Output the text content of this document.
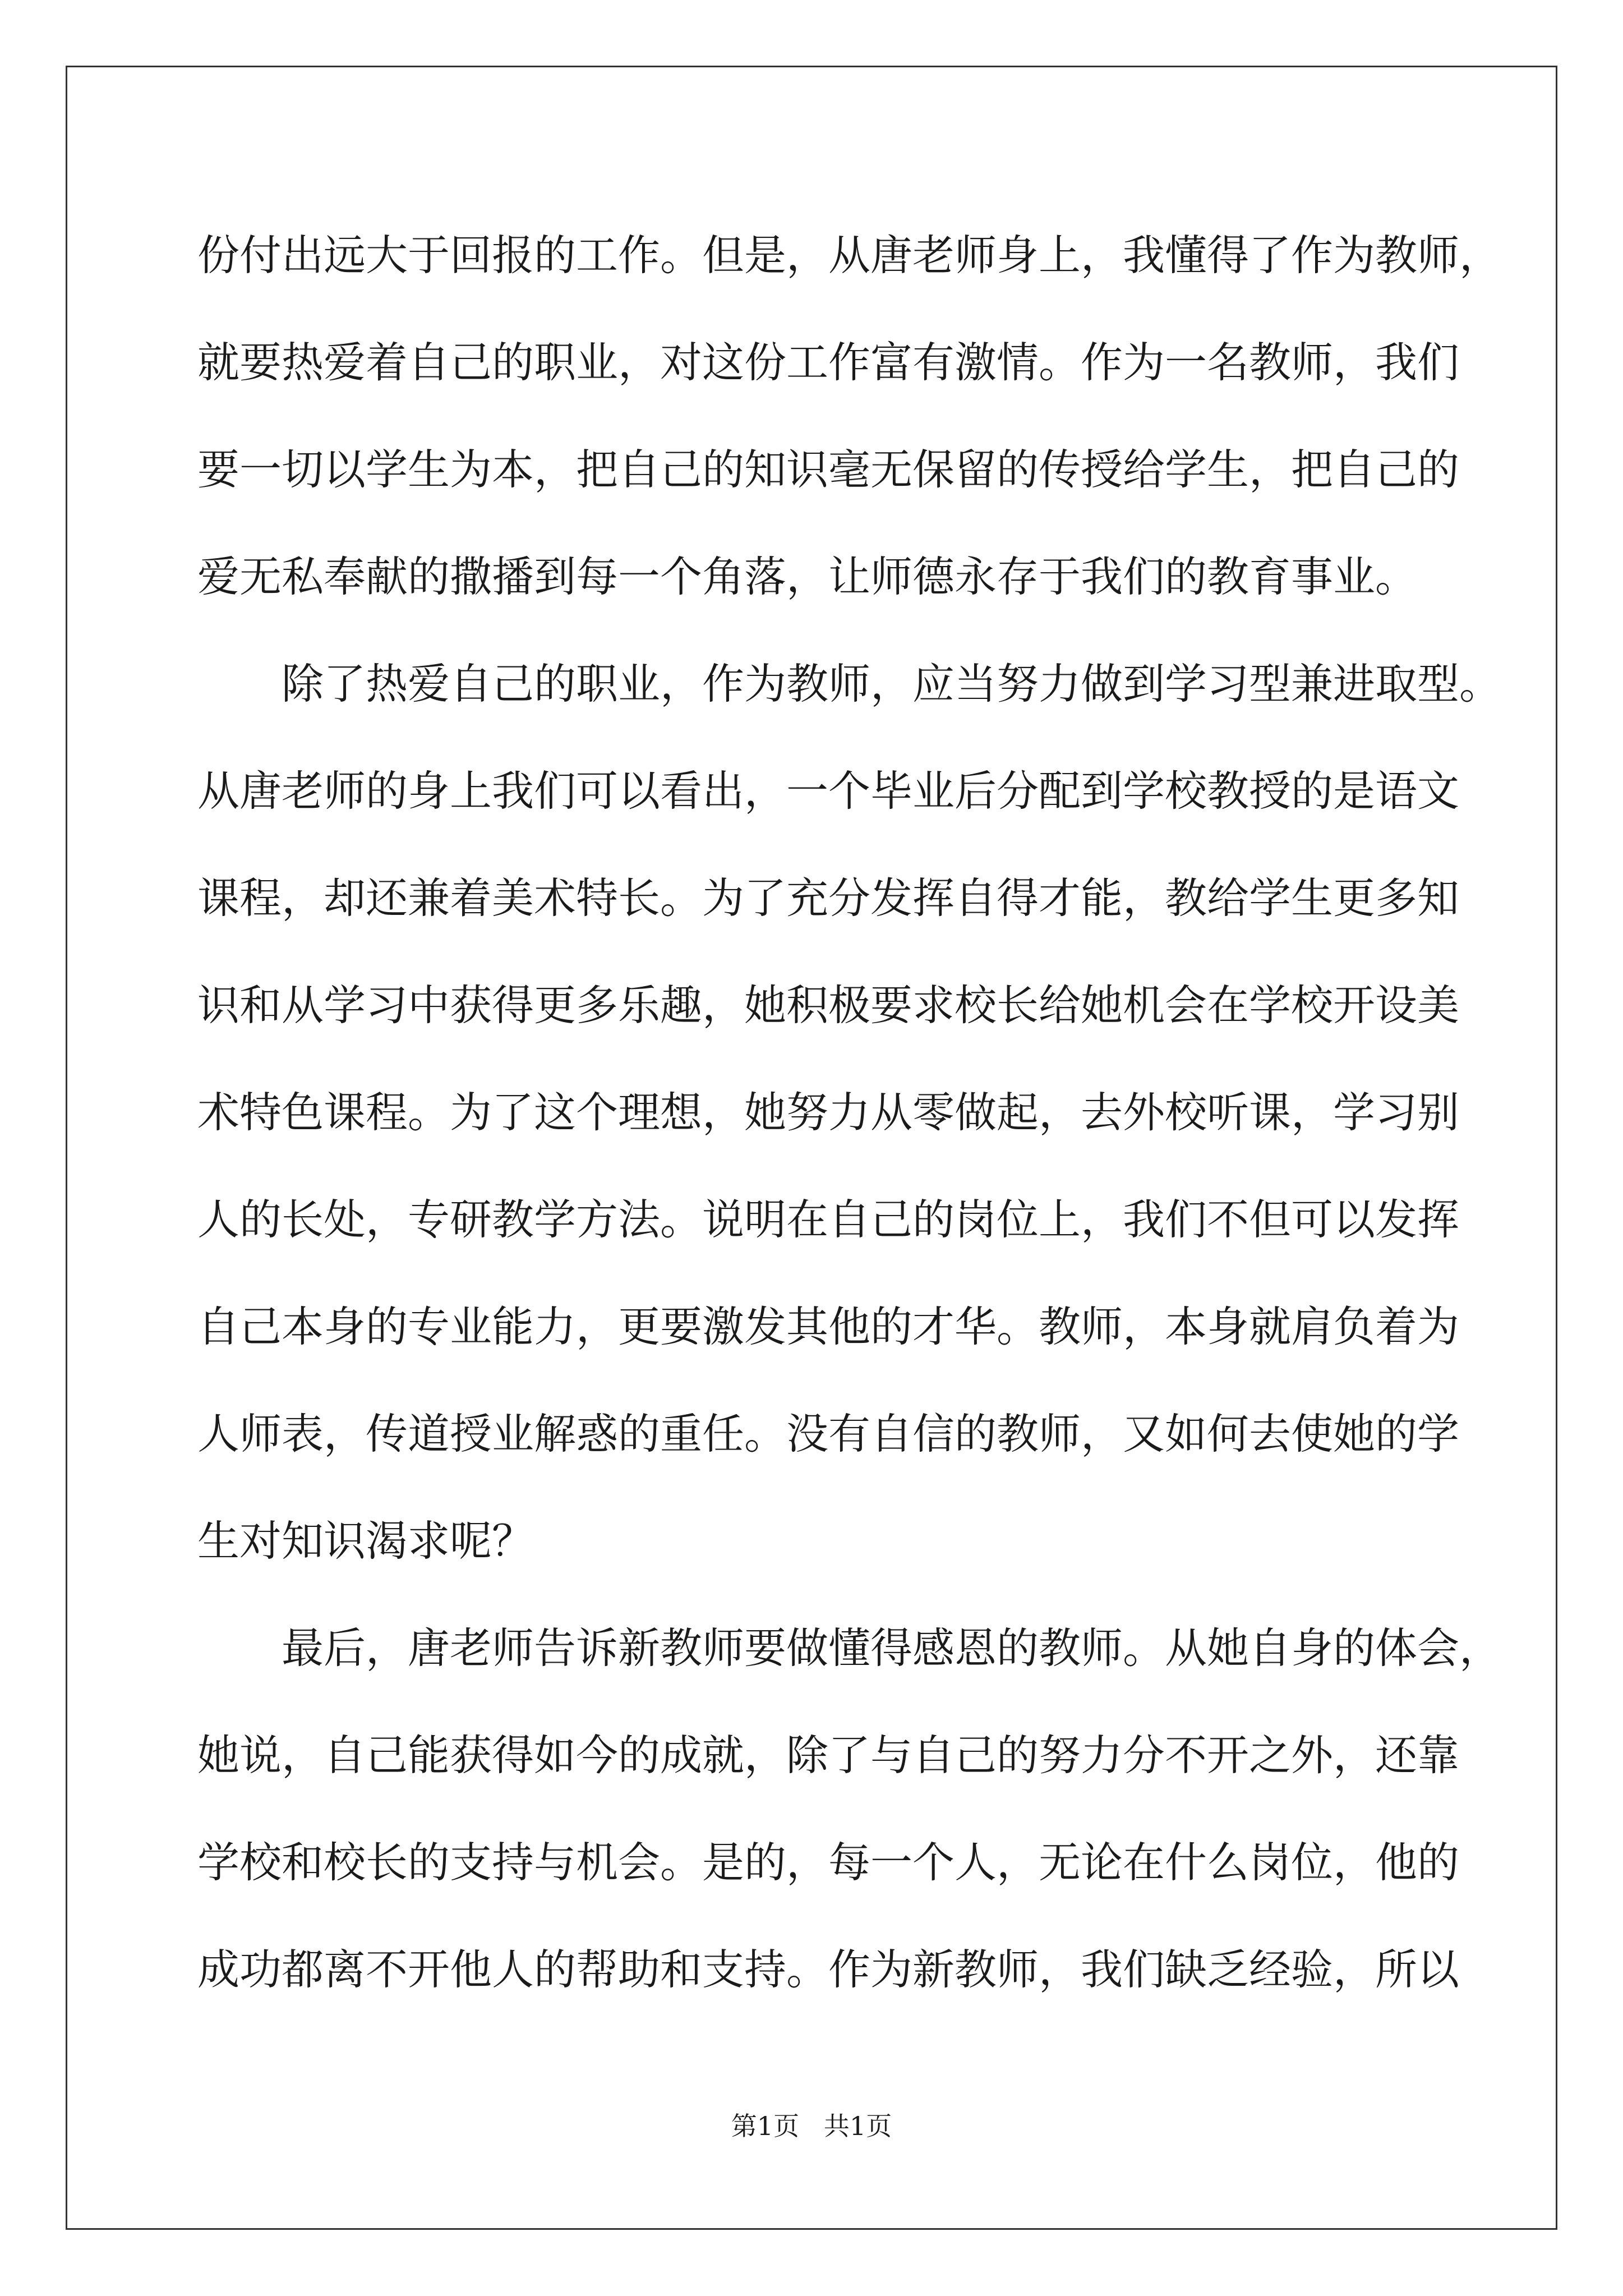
份付出远大于回报的工作。但是，从唐老师身上，我懂得了作为教师，
就要热爱着自己的职业，对这份工作富有激情。作为一名教师，我们
要一切以学生为本，把自己的知识毫无保留的传授给学生，把自己的
爱无私奉献的撒播到每一个角落，让师德永存于我们的教育事业。
除了热爱自己的职业，作为教师，应当努力做到学习型兼进取型。
从唐老师的身上我们可以看出，一个毕业后分配到学校教授的是语文
课程，却还兼着美术特长。为了充分发挥自得才能，教给学生更多知
识和从学习中获得更多乐趣，她积极要求校长给她机会在学校开设美
术特色课程。为了这个理想，她努力从零做起，去外校听课，学习别
人的长处，专研教学方法。说明在自己的岗位上，我们不但可以发挥
自己本身的专业能力，更要激发其他的才华。教师，本身就肩负着为
人师表，传道授业解惑的重任。没有自信的教师，又如何去使她的学
生对知识渴求呢？
最后，唐老师告诉新教师要做懂得感恩的教师。从她自身的体会，
她说，自己能获得如今的成就，除了与自己的努力分不开之外，还靠
学校和校长的支持与机会。是的，每一个人，无论在什么岗位，他的
成功都离不开他人的帮助和支持。作为新教师，我们缺乏经验，所以
第1页   共1页
